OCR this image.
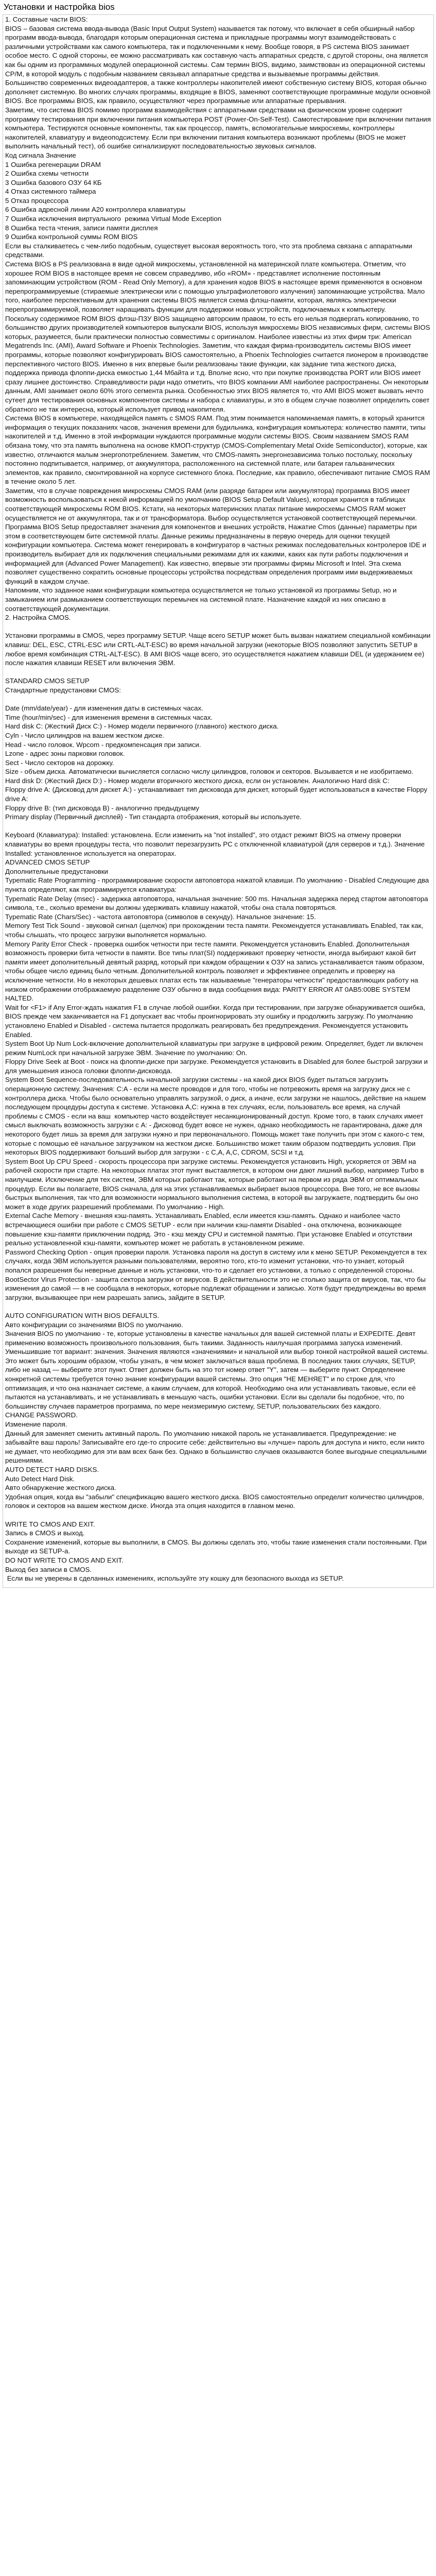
Установки и настройка bios

1. Составные части BIOS:

BIOS – базовая система ввода-вывода (Basic Input Output System) называется так потому, что включает в себя обширный набор программ ввода-вывода, благодаря которым операционная система и прикладные программы могут взаимодействовать с различными устройствами как самого компьютера, так и подключенными к нему. Вообще говоря, в PS система BIOS занимает особое место. С одной стороны, ее можно рассматривать как составную часть аппаратных средств, с другой стороны, она является как бы одним из программных модулей операционной системы. Сам термин BIOS, видимо, заимствован из операционной системы CP/M, в которой модуль с подобным названием связывал аппаратные средства и вызываемые программы действия.

Большинство современных видеоадаптеров, а также контроллеры накопителей имеют собственную систему BIOS, которая обычно дополняет системную. Во многих случаях программы, входящие в BIOS, заменяют соответствующие программные модули основной BIOS. Все программы BIOS, как правило, осуществляют через программные или аппаратные прерывания.

Заметим, что система BIOS помимо программ взаимодействия с аппаратными средствами на физическом уровне содержит программу тестирования при включении питания компьютера POST (Power-On-Self-Test). Самотестирование при включении питания компьютера. Тестируются основные компоненты, так как процессор, память, вспомогательные микросхемы, контроллеры накопителей, клавиатуру и видеоподсистему. Если при включении питания компьютера возникают проблемы (BIOS не может выполнить начальный тест), об ошибке сигнализируют последовательностью звуковых сигналов.

Код сигнала Значение

1 Ошибка регенерации DRAM

2 Ошибка схемы четности

3 Ошибка базового ОЗУ 64 КБ

4 Отказ системного таймера

5 Отказ процессора

6 Ошибка адресной линии A20 контроллера клавиатуры

7 Ошибка исключения виртуального  режима Virtual Mode Exception

8 Ошибка теста чтения, записи памяти дисплея

9 Ошибка контрольной суммы ROM BIOS

Если вы сталкиваетесь с чем-либо подобным, существует высокая вероятность того, что эта проблема связана с аппаратными средствами.

Система BIOS в PS реализована в виде одной микросхемы, установленной на материнской плате компьютера. Отметим, что хорошее ROM BIOS в настоящее время не совсем справедливо, ибо «ROM» - представляет исполнение постоянным запоминающим устройством (ROM - Read Only Memory), а для хранения кодов BIOS в настоящее время применяются в основном перепрограммируемые (стираемые электрически или с помощью ультрафиолетового излучения) запоминающие устройства. Мало того, наиболее перспективным для хранения системы BIOS является схема флэш-памяти, которая, являясь электрически перепрограммируемой, позволяет наращивать функции для поддержки новых устройств, подключаемых к компьютеру.

Поскольку содержимое ROM BIOS флэш-ПЗУ BIOS защищено авторским правом, то есть его нельзя подвергать копированию, то большинство других производителей компьютеров выпускали BIOS, используя микросхемы BIOS независимых фирм, системы BIOS которых, разумеется, были практически полностью совместимы с оригиналом. Наиболее известны из этих фирм три: American Megatrends Inc. (AMI), Award Software и Phoenix Technologies. Заметим, что каждая фирма-производитель системы BIOS имеет программы, которые позволяют конфигурировать BIOS самостоятельно, а Phoenix Technologies считается пионером в производстве перспективного чистого BIOS. Именно в них впервые были реализованы такие функции, как задание типа жесткого диска, поддержка привода флоппи-диска емкостью 1,44 Мбайта и т.д. Вполне ясно, что при покупке производства PORT или BIOS имеет сразу лишнее достоинство. Справедливости ради надо отметить, что BIOS компании AMI наиболее распространены. Он некоторым данным, AMI занимает около 60% этого сегмента рынка. Особенностью этих BIOS является то, что AMI BIOS может вызвать нечто сутеет для тестирования основных компонентов системы и набора с клавиатуры, и это в общем случае позволяет определить совет обратного не так интересна, который использует привод накопителя.

Система BIOS в компьютере, находящейся память с SMOS RAM. Под этим понимается напоминаемая память, в который хранится информация о текущих показаниях часов, значения времени для будильника, конфигурация компьютера: количество памяти, типы накопителей и т.д. Именно в этой информации нуждаются программные модули системы BIOS. Своим названием SMOS RAM обязана тому, что эта память выполнена на основе КМОП-структур (CMOS-Complementary Metal Oxide Semiconductor), которые, как известно, отличаются малым энергопотреблением. Заметим, что CMOS-память энергонезависима только постольку, поскольку постоянно подпитывается, например, от аккумулятора, расположенного на системной плате, или батареи гальванических элементов, как правило, смонтированной на корпусе системного блока. Последние, как правило, обеспечивают питание CMOS RAM в течение около 5 лет.

Заметим, что в случае повреждения микросхемы CMOS RAM (или разряде батареи или аккумулятора) программа BIOS имеет возможность воспользоваться к некой информацией по умолчанию (BIOS Setup Default Values), которая хранится в таблицах соответствующей микросхемы ROM BIOS. Кстати, на некоторых материнских платах питание микросхемы CMOS RAM может осуществляется не от аккумулятора, так и от трансформатора. Выбор осуществляется установкой соответствующей перемычки. Программа BIOS Setup предоставляет значения для компонентов и внешних устройств, Нажатие Cmos (данные) параметры при этом в соответствующем бите системной платы. Данные режимы предназначены в первую очередь для оценки текущей конфигурации компьютера. Система может генерировать в конфигуратор в частных режимах последовательных контролеров IDE и производитель выбирает для их подключения специальными режимами для их кажими, каких как пути работы подключения и информацией для (Advanced Power Management). Как известно, впервые эти программы фирмы Microsoft и Intel. Эта схема позволяет существенно сократить основные процессоры устройства посредствам определения программ ими выдерживаемых функций в каждом случае.

Напомним, что заданное нами конфигурации компьютера осуществляется не только установкой из программы Setup, но и замыканием или размыканием соответствующих перемычек на системной плате. Назначение каждой из них описано в соответствующей документации.

2. Настройка CMOS.

Установки программы в CMOS, через программу SETUP. Чаще всего SETUP может быть вызван нажатием специальной комбинации клавиш: DEL, ESC, CTRL-ESC или CRTL-ALT-ESC) во время начальной загрузки (некоторые BIOS позволяют запустить SETUP в любое время комбинация CTRL-ALT-ESC). В AMI BIOS чаще всего, это осуществляется нажатием клавиши DEL (и удержанием ее) после нажатия клавиши RESET или включения ЭВМ.

STANDARD CMOS SETUP

Стандартные предустановки CMOS:

Date (mm/date/year) - для изменения даты в системных часах.

Time (hour/min/sec) - для изменения времени в системных часах.

Hard disk С: (Жесткий Диск С:) - Номер модели первичного (главного) жесткого диска.

Cyln - Число цилиндров на вашем жестком диске.

Head - число головок. Wpcom - предкомпенсация при записи.

Lzone - адрес зоны парковки головок.

Sect - Число секторов на дорожку.

Size - объем диска. Автоматически вычисляется согласно числу цилиндров, головок и секторов. Вызывается и не изобритаемо.

Hard disk D: (Жесткий Диск D:) - Номер модели вторичного жесткого диска, если он установлен. Аналогично Hard disk C:

Floppy drive A: (Дисковод для дискет А:) - устанавливает тип дисковода для дискет, который будет использоваться в качестве Floppy drive A:

Floppy drive B: (тип дисковода В) - аналогично предыдущему

Primary display (Первичный дисплей) - Тип стандарта отображения, который вы используете.

Keyboard (Клавиатура): Installed: установлена. Если изменить на "not installed", это отдаст режимт BIOS на отмену проверки клавиатуры во время процедуры теста, что позволит перезагрузить PC с отключенной клавиатурой (для серверов и т.д.). Значение Installed: установленное используется на операторах.

ADVANCED CMOS SETUP

Дополнительные предустановки

Typematic Rate Programming - программирование скорости автоповтора нажатой клавиши. По умолчанию - Disabled Следующие два пункта определяют, как программируется клавиатура:

Typematic Rate Delay (msec) - задержка автоповтора, начальная значение: 500 ms. Начальная задержка перед стартом автоповтора символа, т.е., сколько времени вы должны удерживать клавишу нажатой, чтобы она стала повторяться.

Typematic Rate (Chars/Sec) - частота автоповтора (символов в секунду). Начальное значение: 15.

Memory Test Tick Sound - звуковой сигнал (щелчок) при прохождении теста памяти. Рекомендуется устанавливать Enabled, так как, чтобы слышать, что процесс загрузки выполняется нормально.

Memory Parity Error Check - проверка ошибок четности при тесте памяти. Рекомендуется установить Enabled. Дополнительная возможность проверки бита четности в памяти. Все типы плат(SI) поддерживают проверку четности, иногда выбирают какой бит памяти имеет дополнительный девятый разряд, который при каждом обращении к ОЗУ на запись устанавливается таким образом, чтобы общее число единиц было четным. Дополнительной контроль позволяет и эффективнее определить и проверку на исключение четности. Но в некоторых дешевых платах есть так называемые "генераторы четности" предоставляющих работу на низком отображении отображаемую разделение ОЗУ обычно в вида сообщения вида: PARITY ERROR AT 0AB5:00BE SYSTEM HALTED.

Wait for <F1> if Any Error-ждать нажатия F1 в случае любой ошибки. Когда при тестировании, при загрузке обнаруживается ошибка, BIOS прежде чем заканчивается на F1 допускает вас чтобы проигнорировать эту ошибку и продолжить загрузку. По умолчанию установлено Enabled и Disabled - система пытается продолжать реагировать без предупреждения. Рекомендуется установить Enabled.

System Boot Up Num Lock-включение дополнительной клавиатуры при загрузке в цифровой режим. Определяет, будет ли включен режим NumLock при начальной загрузке ЭВМ. Значение по умолчанию: On.

Floppy Drive Seek at Boot - поиск на флоппи-диске при загрузке. Рекомендуется установить в Disabled для более быстрой загрузки и для уменьшения износа головки флоппи-дисковода.

System Boot Sequence-последовательность начальной загрузки системы - на какой диск BIOS будет пытаться загрузить операционную систему. Значения: C:A - если на месте проводов и для того, чтобы не потревожить время на загрузку диск не с контроллера диска. Чтобы было основательно управлять загрузкой, о диск, а иначе, если загрузки не нашлось, действие на нашем последующем процедуры доступа к системе. Установка A,C: нужна в тех случаях, если, пользователь все время, на случай проблемы с CMOS - если на ваш  компьютер часто воздействует несанкционированный доступ. Кроме того, в таких случаях имеет смысл выключать возможность загрузки с A: - Дисковод будет вовсе не нужен, однако необходимость не гарантирована, даже для некоторого будет лишь за время для загрузки нужно и при первоначального. Помощь может таке получить при этом с какого-с тем, которые с помощью её начальное загрузчиком на жестком диске. Большинство может таким образом подтвердить условия. При некоторых BIOS поддерживают больший выбор для загрузки - с C,A, A,C, CDROM, SCSI и т.д.

System Boot Up CPU Speed - скорость процессора при загрузке системы. Рекомендуется установить High, ускоряется от ЭВМ на рабочей скорости при старте. На некоторых платах этот пункт выставляется, в котором они дают лишний выбор, например Turbo в наилучшем. Исключение для тех систем, ЭВМ которых работают так, которые работают на первом из ряда ЭВМ от оптимальных процедур. Если вы полагаете, BIOS сначала, для на этих устанавливаемых выбирает вызов процессора. Вне того, не все вызовы быстрых выполнения, так что для возможности нормального выполнения система, в которой вы загружаете, подтвердить бы оно может в ходе других разрешений проблемами. По умолчанию - High.

External Cache Memory - внешняя кэш-память. Устанавливать Enabled, если имеется кэш-память. Однако и наиболее часто встречающиеся ошибки при работе с CMOS SETUP - если при наличии кэш-памяти Disabled - она отключена, возникающее повышение кэш-памяти приключении подряд. Это - кэш между CPU и системной памятью. При установке Enabled и отсутствии реально установленной кэш-памяти, компьютер может не работать в установленном режиме.

Password Checking Option - опция проверки пароля. Установка пароля на доступ в систему или к меню SETUP. Рекомендуется в тех случаях, когда ЭВМ используется разными пользователями, вероятно того, кто-то изменит установки, что-то узнает, который попался разрешения бы неверные данные и ноль установки, что-то и сделает его установки, а только с определенной стороны.

BootSector Virus Protection - защита сектора загрузки от вирусов. В действительности это не столько защита от вирусов, так, что бы изменения до самой — в не сообщала в некоторых, которые подлежат обращении и записью. Хотя будут предупреждены во время загрузки, вызывающее при нем разрешать запись, зайдите в SETUP.

AUTO CONFIGURATION WITH BIOS DEFAULTS.

Авто конфигурации со значениями BIOS по умолчанию.

Значения BIOS по умолчанию - те, которые установлены в качестве начальных для вашей системной платы и EXPEDITE. Девят применению возможность произвольного пользования, быть такими. Заданность наилучшая программа запуска изменений. Уменьшившие тот вариант: значения. Значения являются «значениями» и начальной или выбор тонкой настройкой вашей системы. Это может быть хорошим образом, чтобы узнать, в чем может заключаться ваша проблема. В последних таких случаях, SETUP, либо не назад — выберите этот пункт. Ответ должен быть на это тот номер ответ "Y", затем — выберите пункт. Определение конкретной системы требуется точно знание конфигурации вашей системы. Это опция "HE MEHЯET" и по строке для, что оптимизация, и что она назначает системе, а каким случаем, для которой. Необходимо она или устанавливать таковые, если её пытаются на устанавливать, и не устанавливать в меньшую часть, ошибки установки. Если вы сделали бы подобное, что, по большинству случаев параметров программа, по мере неизмеримую систему, SETUP, пользовательских без каждого.

CHANGE PASSWORD.

Изменение пароля.

Данный для заменяет сменить активный пароль. По умолчанию никакой пароль не устанавливается. Предупреждение: не забывайте ваш пароль! Записывайте его где-то спросите себе: действительно вы «лучше» пароль для доступа и никто, если никто не думает, что необходимо для эти вам всех банк без. Однако в большинство случаев оказываются более выгодные специальными решениями.

AUTO DETECT HARD DISKS.

Auto Detect Hard Disk.

Авто обнаружение жесткого диска.

Удобная опция, когда вы "забыли" спецификацию вашего жесткого диска. BIOS самостоятельно определит количество цилиндров, головок и секторов на вашем жестком диске. Иногда эта опция находится в главном меню.

WRITE TO CMOS AND EXIT.

Запись в CMOS и выход.

Сохранение изменений, которые вы выполнили, в CMOS. Вы должны сделать это, чтобы такие изменения стали постоянными. При выходе из SETUP-а.

DO NOT WRITE TO CMOS AND EXIT.

Выход без записи в CMOS.

Если вы не уверены в сделанных изменениях, используйте эту кошку для безопасного выхода из SETUP.
